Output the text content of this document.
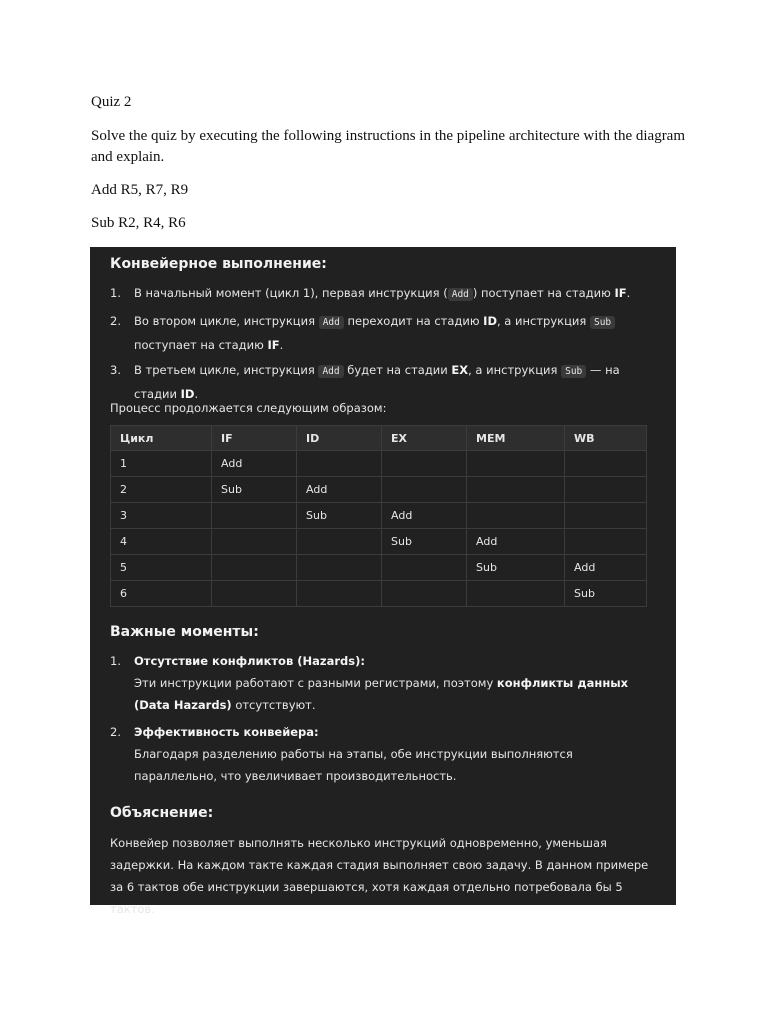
Quiz 2

Solve the quiz by executing the following instructions in the pipeline architecture with the diagram and explain.

Add R5, R7, R9

Sub R2, R4, R6

Конвейерное выполнение:

1. В начальный момент (цикл 1), первая инструкция ( Add ) поступает на стадию IF.
2. Во втором цикле, инструкция Add переходит на стадию ID, а инструкция Sub поступает на стадию IF.
3. В третьем цикле, инструкция Add будет на стадии EX, а инструкция Sub — на стадии ID.

Процесс продолжается следующим образом:

Цикл	IF	ID	EX	MEM	WB
1	Add				
2	Sub	Add			
3		Sub	Add		
4			Sub	Add	
5				Sub	Add
6					Sub

Важные моменты:

1. Отсутствие конфликтов (Hazards):
Эти инструкции работают с разными регистрами, поэтому конфликты данных (Data Hazards) отсутствуют.
2. Эффективность конвейера:
Благодаря разделению работы на этапы, обе инструкции выполняются параллельно, что увеличивает производительность.

Объяснение:

Конвейер позволяет выполнять несколько инструкций одновременно, уменьшая задержки. На каждом такте каждая стадия выполняет свою задачу. В данном примере за 6 тактов обе инструкции завершаются, хотя каждая отдельно потребовала бы 5 тактов.
